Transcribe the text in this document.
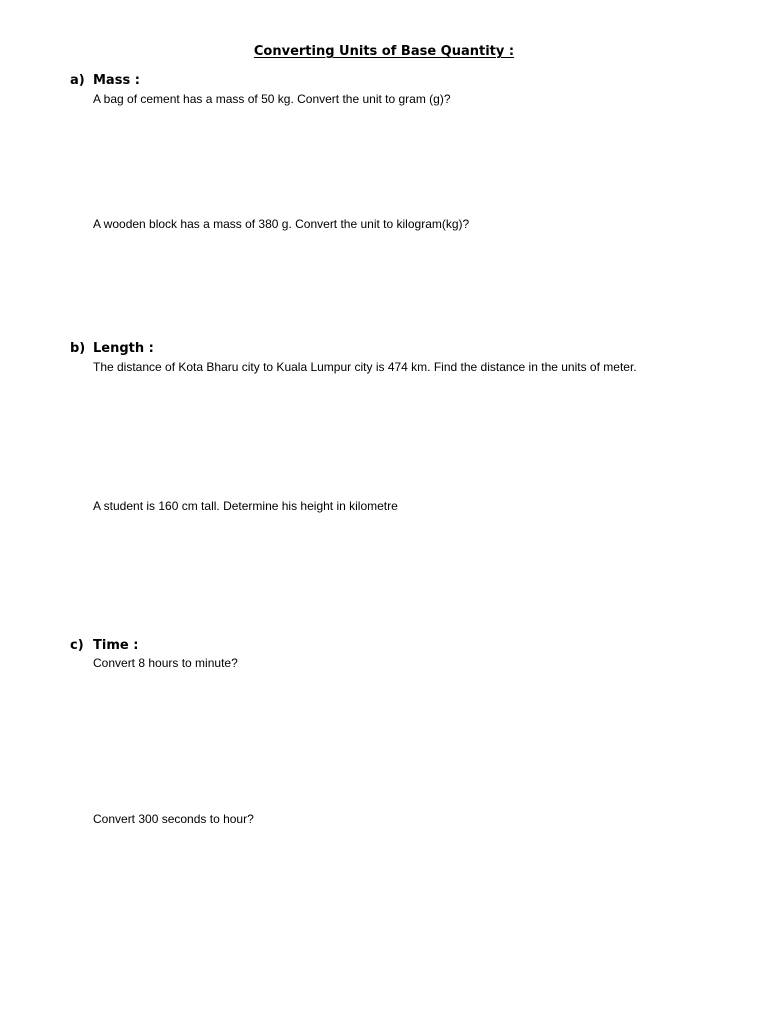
Converting Units of Base Quantity :
a) Mass :
A bag of cement has a mass of 50 kg. Convert the unit to gram (g)?
A wooden block has a mass of 380 g. Convert the unit to kilogram(kg)?
b) Length :
The distance of Kota Bharu city to Kuala Lumpur city is 474 km. Find the distance in the units of meter.
A student is 160 cm tall. Determine his height in kilometre
c) Time :
Convert 8 hours to minute?
Convert 300 seconds to hour?
